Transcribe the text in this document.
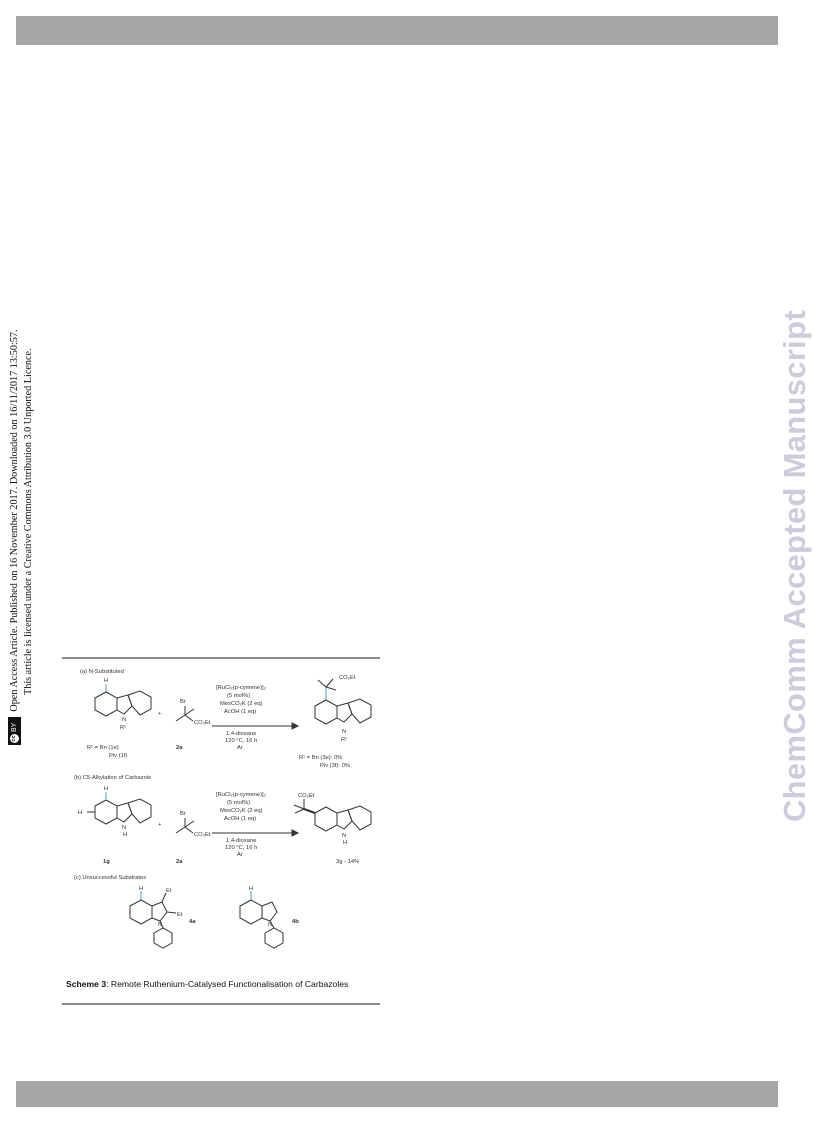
cc
BY
Open Access Article. Published on 16 November 2017. Downloaded on 16/11/2017 13:50:57. This article is licensed under a Creative Commons Attribution 3.0 Unported Licence.	ChemComm Accepted Manuscript
(a) N-Substituted
H
N
R¹
+
Br
CO₂Et
[RuCl₂(p-cymene)]₂
(5 mol%)
MesCO₂K (2 eq)
AcOH (1 eq)
1,4-dioxane
120 °C, 16 h
Ar
CO₂Et
N
R¹
R¹ = Bn (1e)
Piv (1f)
2a
R¹ = Bn (3e): 0%
Piv (3f): 0%
(b) C5-Alkylation of Carbazole
H
H
N
H
+
Br
CO₂Et
[RuCl₂(p-cymene)]₂
(5 mol%)
MesCO₂K (2 eq)
AcOH (1 eq)
1,4-dioxane
120 °C, 16 h
Ar
CO₂Et
N
H
1g	2a	3g - 14%
(c) Unsuccessful Substrates
H	Et
Et
N	4a
H
N	4b
Scheme 3: Remote Ruthenium-Catalysed Functionalisation of Carbazoles
